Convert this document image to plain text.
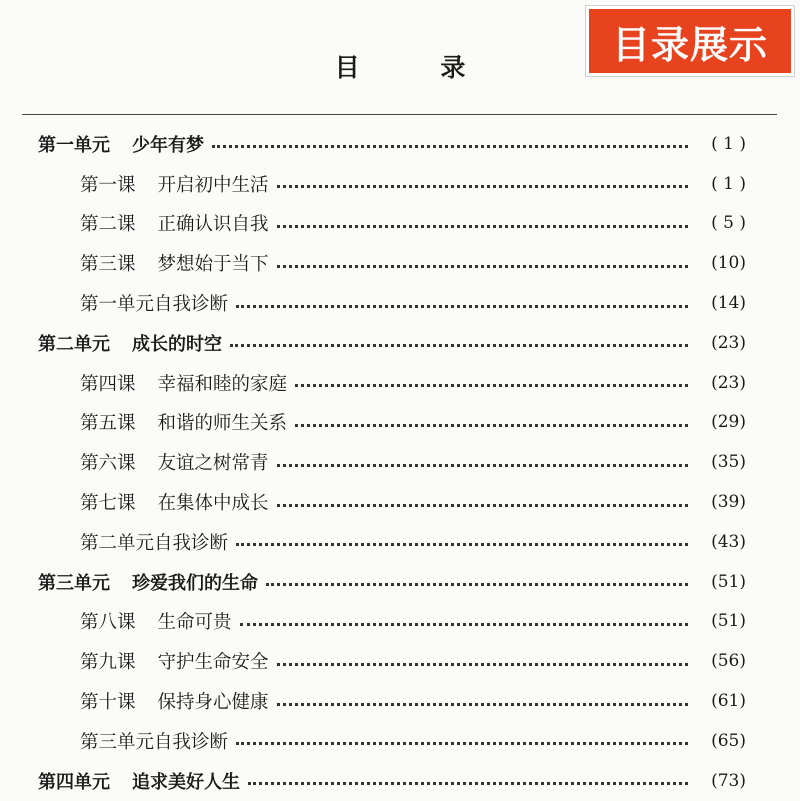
目录展示
目 录
第一单元 少年有梦	( 1 )
第一课 开启初中生活	( 1 )
第二课 正确认识自我	( 5 )
第三课 梦想始于当下	(10)
第一单元自我诊断	(14)
第二单元 成长的时空	(23)
第四课 幸福和睦的家庭	(23)
第五课 和谐的师生关系	(29)
第六课 友谊之树常青	(35)
第七课 在集体中成长	(39)
第二单元自我诊断	(43)
第三单元 珍爱我们的生命	(51)
第八课 生命可贵	(51)
第九课 守护生命安全	(56)
第十课 保持身心健康	(61)
第三单元自我诊断	(65)
第四单元 追求美好人生	(73)
